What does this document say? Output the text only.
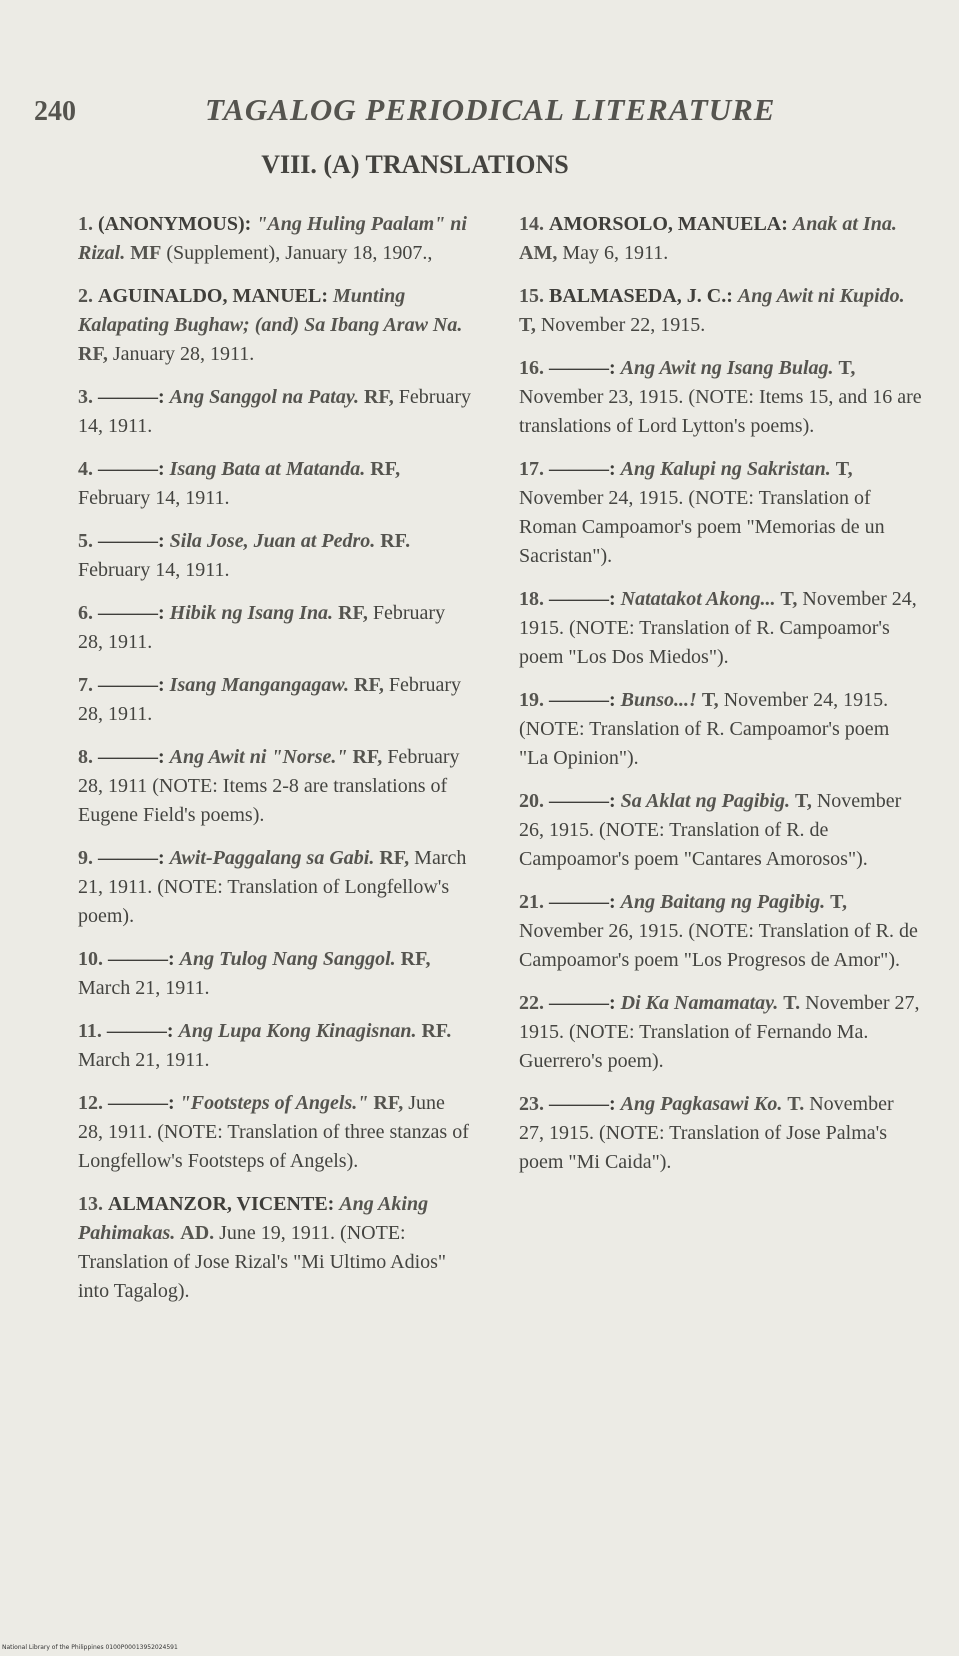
240	TAGALOG PERIODICAL LITERATURE
VIII. (A) TRANSLATIONS
1. (ANONYMOUS): "Ang Huling Paalam" ni Rizal. MF (Supplement), January 18, 1907.,
2. AGUINALDO, MANUEL: Munting Kalapating Bughaw; (and) Sa Ibang Araw Na. RF, January 28, 1911.
3. ———: Ang Sanggol na Patay. RF, February 14, 1911.
4. ———: Isang Bata at Matanda. RF, February 14, 1911.
5. ———: Sila Jose, Juan at Pedro. RF. February 14, 1911.
6. ———: Hibik ng Isang Ina. RF, February 28, 1911.
7. ———: Isang Mangangagaw. RF, February 28, 1911.
8. ———: Ang Awit ni "Norse." RF, February 28, 1911 (NOTE: Items 2-8 are translations of Eugene Field's poems).
9. ———: Awit-Paggalang sa Gabi. RF, March 21, 1911. (NOTE: Translation of Longfellow's poem).
10. ———: Ang Tulog Nang Sanggol. RF, March 21, 1911.
11. ———: Ang Lupa Kong Kinagisnan. RF. March 21, 1911.
12. ———: "Footsteps of Angels." RF, June 28, 1911. (NOTE: Translation of three stanzas of Longfellow's Footsteps of Angels).
13. ALMANZOR, VICENTE: Ang Aking Pahimakas. AD. June 19, 1911. (NOTE: Translation of Jose Rizal's "Mi Ultimo Adios" into Tagalog).
14. AMORSOLO, MANUELA: Anak at Ina. AM, May 6, 1911.
15. BALMASEDA, J. C.: Ang Awit ni Kupido. T, November 22, 1915.
16. ———: Ang Awit ng Isang Bulag. T, November 23, 1915. (NOTE: Items 15, and 16 are translations of Lord Lytton's poems).
17. ———: Ang Kalupi ng Sakristan. T, November 24, 1915. (NOTE: Translation of Roman Campoamor's poem "Memorias de un Sacristan").
18. ———: Natatakot Akong... T, November 24, 1915. (NOTE: Translation of R. Campoamor's poem "Los Dos Miedos").
19. ———: Bunso...! T, November 24, 1915. (NOTE: Translation of R. Campoamor's poem "La Opinion").
20. ———: Sa Aklat ng Pagibig. T, November 26, 1915. (NOTE: Translation of R. de Campoamor's poem "Cantares Amorosos").
21. ———: Ang Baitang ng Pagibig. T, November 26, 1915. (NOTE: Translation of R. de Campoamor's poem "Los Progresos de Amor").
22. ———: Di Ka Namamatay. T. November 27, 1915. (NOTE: Translation of Fernando Ma. Guerrero's poem).
23. ———: Ang Pagkasawi Ko. T. November 27, 1915. (NOTE: Translation of Jose Palma's poem "Mi Caida").
National Library of the Philippines 0100P00013952024591
